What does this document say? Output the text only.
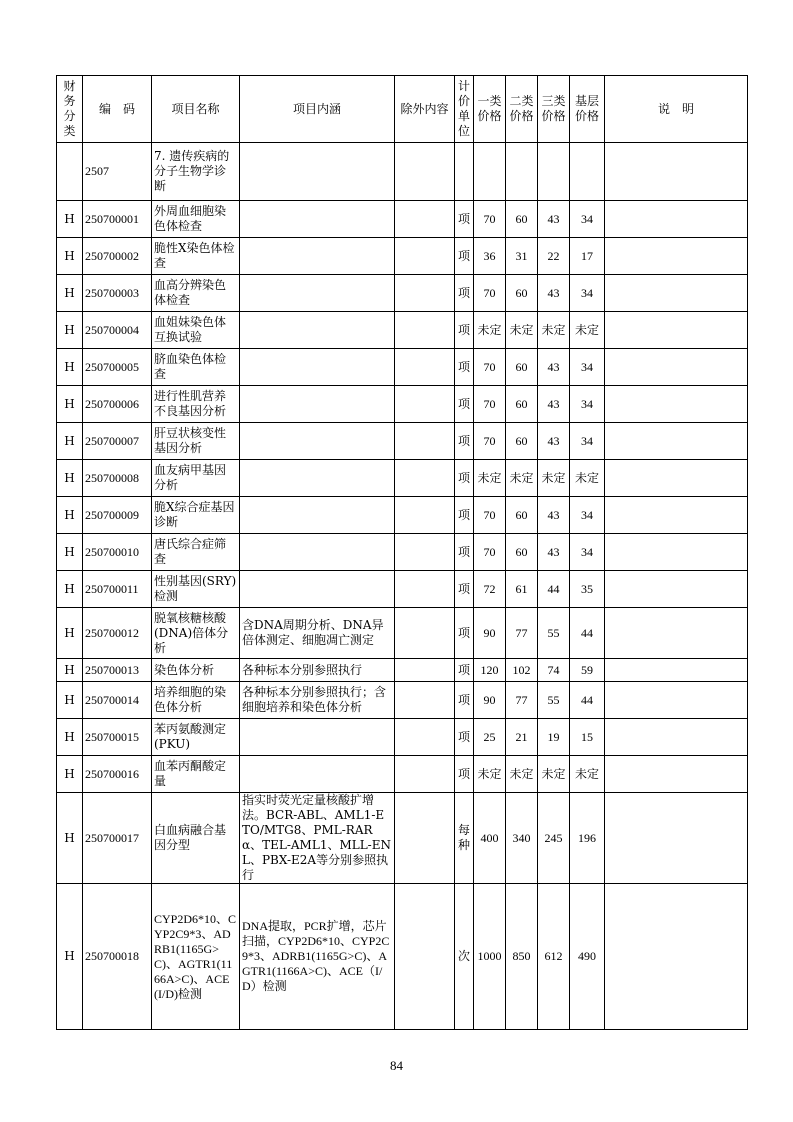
财务分类	编　码	项目名称	项目内涵	除外内容	计价单位	一类价格	二类价格	三类价格	基层价格	说　明
	2507	7. 遗传疾病的分子生物学诊断								
H	250700001	外周血细胞染色体检查			项	70	60	43	34	
H	250700002	脆性X染色体检查			项	36	31	22	17	
H	250700003	血高分辨染色体检查			项	70	60	43	34	
H	250700004	血姐妹染色体互换试验			项	未定	未定	未定	未定	
H	250700005	脐血染色体检查			项	70	60	43	34	
H	250700006	进行性肌营养不良基因分析			项	70	60	43	34	
H	250700007	肝豆状核变性基因分析			项	70	60	43	34	
H	250700008	血友病甲基因分析			项	未定	未定	未定	未定	
H	250700009	脆X综合症基因诊断			项	70	60	43	34	
H	250700010	唐氏综合症筛查			项	70	60	43	34	
H	250700011	性别基因(SRY)检测			项	72	61	44	35	
H	250700012	脱氧核糖核酸(DNA)倍体分析	含DNA周期分析、DNA异倍体测定、细胞凋亡测定		项	90	77	55	44	
H	250700013	染色体分析	各种标本分别参照执行		项	120	102	74	59	
H	250700014	培养细胞的染色体分析	各种标本分别参照执行；含细胞培养和染色体分析		项	90	77	55	44	
H	250700015	苯丙氨酸测定(PKU)			项	25	21	19	15	
H	250700016	血苯丙酮酸定量			项	未定	未定	未定	未定	
H	250700017	白血病融合基因分型	指实时荧光定量核酸扩增法。BCR-ABL、AML1-ETO/MTG8、PML-RARα、TEL-AML1、MLL-ENL、PBX-E2A等分别参照执行		每种	400	340	245	196	
H	250700018	CYP2D6*10、CYP2C9*3、ADRB1(1165G>C)、AGTR1(1166A>C)、ACE(I/D)检测	DNA提取，PCR扩增，芯片扫描，CYP2D6*10、CYP2C9*3、ADRB1(1165G>C)、AGTR1(1166A>C)、ACE（I/D）检测		次	1000	850	612	490	
84
